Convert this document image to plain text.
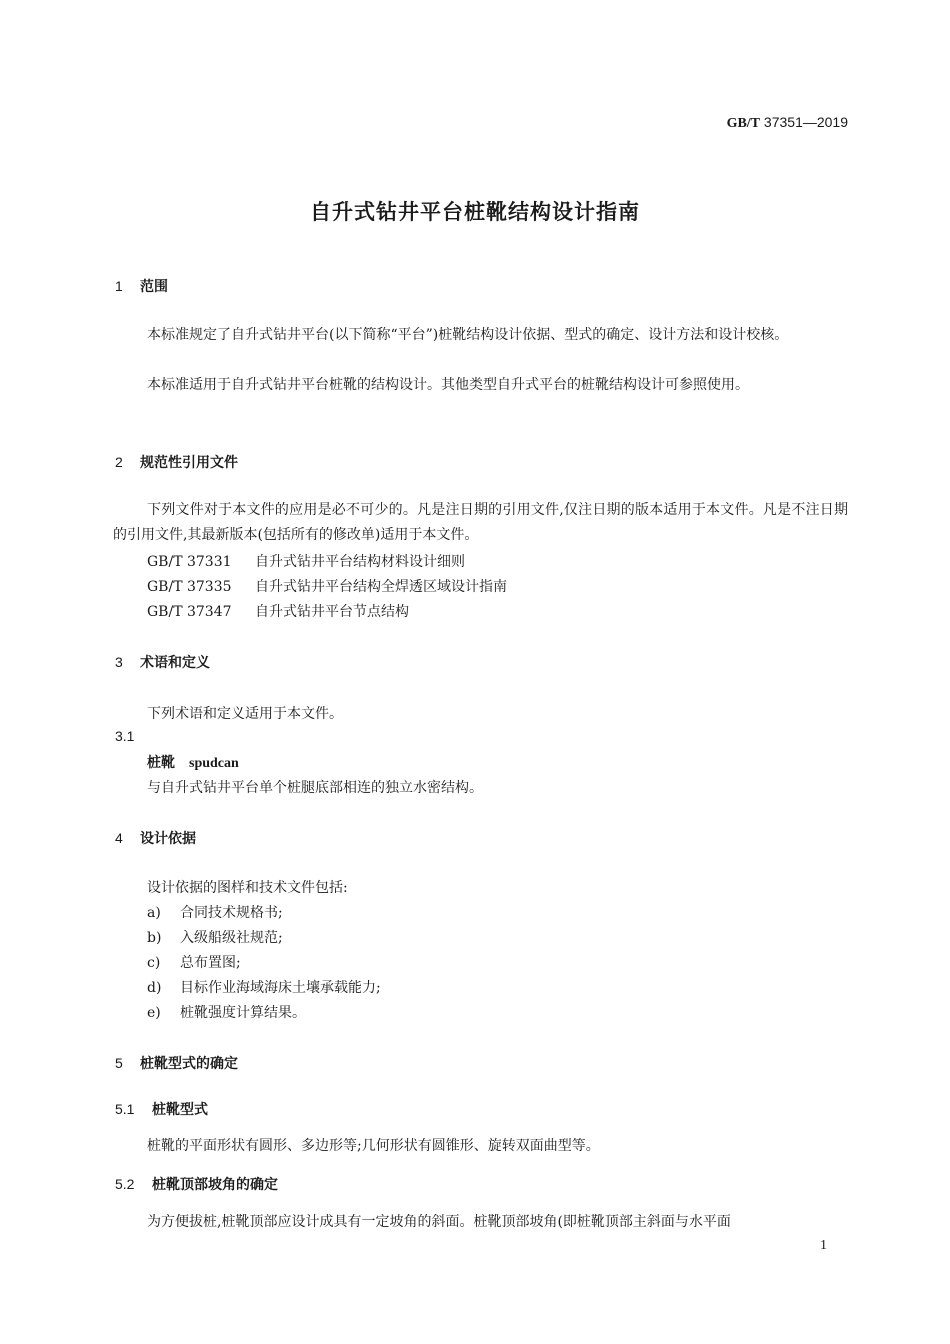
GB/T 37351—2019
自升式钻井平台桩靴结构设计指南
1 范围
本标准规定了自升式钻井平台(以下简称“平台”)桩靴结构设计依据、型式的确定、设计方法和设计校核。
本标准适用于自升式钻井平台桩靴的结构设计。其他类型自升式平台的桩靴结构设计可参照使用。
2 规范性引用文件
下列文件对于本文件的应用是必不可少的。凡是注日期的引用文件,仅注日期的版本适用于本文件。凡是不注日期的引用文件,其最新版本(包括所有的修改单)适用于本文件。
GB/T 37331 自升式钻井平台结构材料设计细则
GB/T 37335 自升式钻井平台结构全焊透区域设计指南
GB/T 37347 自升式钻井平台节点结构
3 术语和定义
下列术语和定义适用于本文件。
3.1
桩靴 spudcan
与自升式钻井平台单个桩腿底部相连的独立水密结构。
4 设计依据
设计依据的图样和技术文件包括:
a) 合同技术规格书;
b) 入级船级社规范;
c) 总布置图;
d) 目标作业海域海床土壤承载能力;
e) 桩靴强度计算结果。
5 桩靴型式的确定
5.1 桩靴型式
桩靴的平面形状有圆形、多边形等;几何形状有圆锥形、旋转双面曲型等。
5.2 桩靴顶部坡角的确定
为方便拔桩,桩靴顶部应设计成具有一定坡角的斜面。桩靴顶部坡角(即桩靴顶部主斜面与水平面
1
